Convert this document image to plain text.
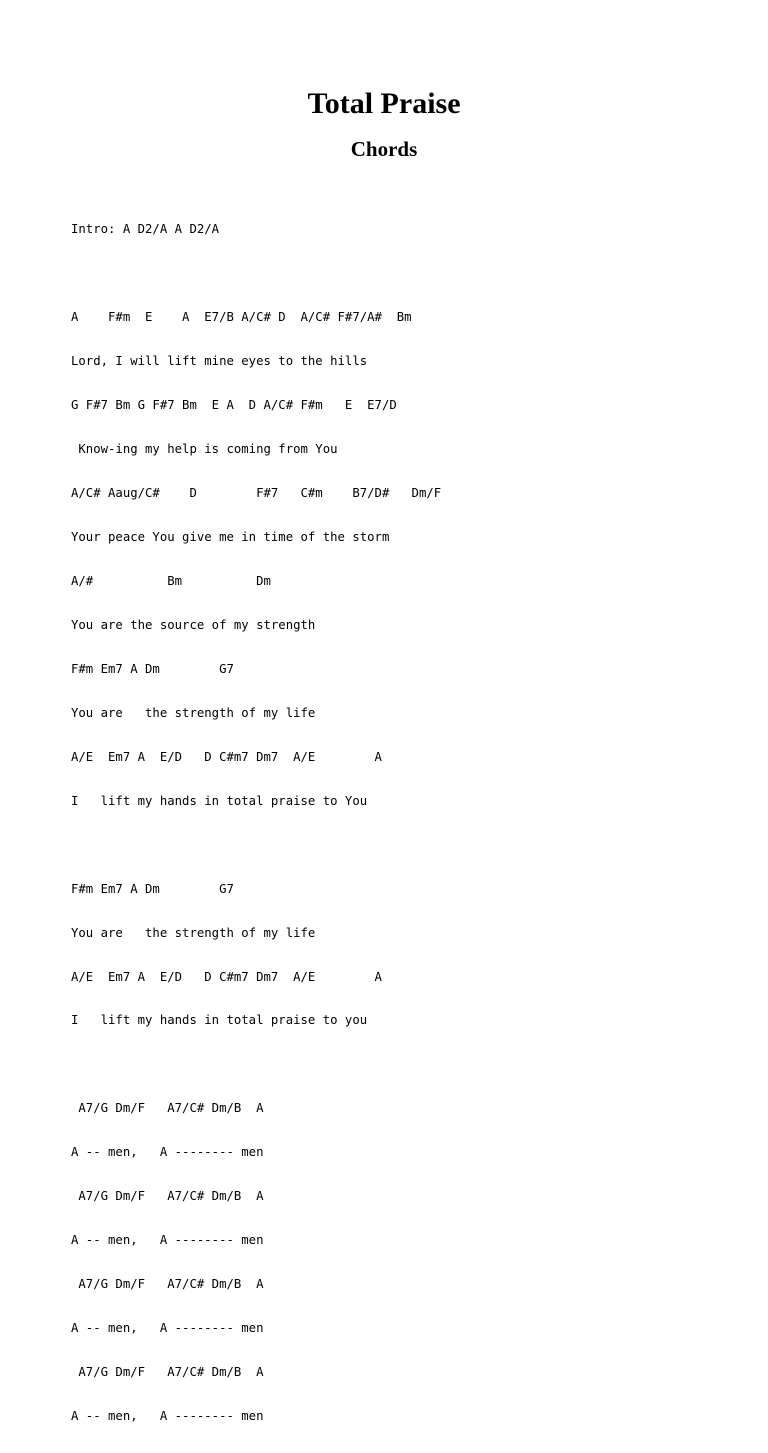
Total Praise
Chords

Intro: A D2/A A D2/A

A    F#m  E    A  E7/B A/C# D  A/C# F#7/A#  Bm

Lord, I will lift mine eyes to the hills

G F#7 Bm G F#7 Bm  E A  D A/C# F#m   E  E7/D

Know-ing my help is coming from You

A/C# Aaug/C#    D        F#7   C#m    B7/D#   Dm/F

Your peace You give me in time of the storm

A/#          Bm          Dm

You are the source of my strength

F#m Em7 A Dm        G7

You are   the strength of my life

A/E  Em7 A  E/D   D C#m7 Dm7  A/E        A

I   lift my hands in total praise to You

F#m Em7 A Dm        G7

You are   the strength of my life

A/E  Em7 A  E/D   D C#m7 Dm7  A/E        A

I   lift my hands in total praise to you

A7/G Dm/F   A7/C# Dm/B  A

A -- men,   A -------- men

A7/G Dm/F   A7/C# Dm/B  A

A -- men,   A -------- men

A7/G Dm/F   A7/C# Dm/B  A

A -- men,   A -------- men

A7/G Dm/F   A7/C# Dm/B  A

A -- men,   A -------- men
